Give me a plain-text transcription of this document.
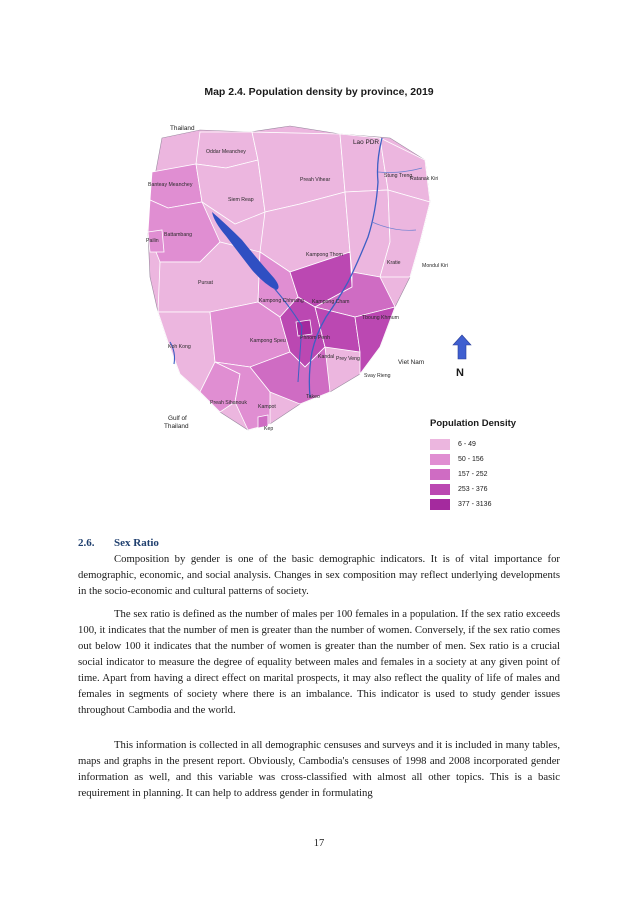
Map 2.4. Population density by province, 2019
Thailand
Lao PDR
Viet Nam
Gulf of
Thailand
Oddar Meanchey
Banteay Meanchey
Siem Reap
Preah Vihear
Stung Treng
Ratanak Kiri
Pailin
Battambang
Kampong Thom
Kratie	Mondul Kiri
Pursat
Kampong Chhnang Kampong Cham
Tboung Khmum
Koh Kong
Kampong Speu	Phnom Penh
Kandal Prey Veng
Svay Rieng
Takeo
Preah Sihanouk
Kampot
Kep
N
Population Density
6 - 49
50 - 156
157 - 252
253 - 376
377 - 3136
2.6.	Sex Ratio

Composition by gender is one of the basic demographic indicators. It is of vital importance for demographic, economic, and social analysis. Changes in sex composition may reflect underlying developments in the socio-economic and cultural patterns of society.

The sex ratio is defined as the number of males per 100 females in a population. If the sex ratio exceeds 100, it indicates that the number of men is greater than the number of women. Conversely, if the sex ratio comes out below 100 it indicates that the number of women is greater than the number of men. Sex ratio is a crucial social indicator to measure the degree of equality between males and females in a society at any given point of time. Apart from having a direct effect on marital prospects, it may also reflect the quality of life of males and females in segments of society where there is an imbalance. This indicator is used to study gender issues throughout Cambodia and the world.

This information is collected in all demographic censuses and surveys and it is included in many tables, maps and graphs in the present report. Obviously, Cambodia's censuses of 1998 and 2008 incorporated gender information as well, and this variable was cross-classified with almost all other topics. This is a basic requirement in planning. It can help to address gender in formulating

17
